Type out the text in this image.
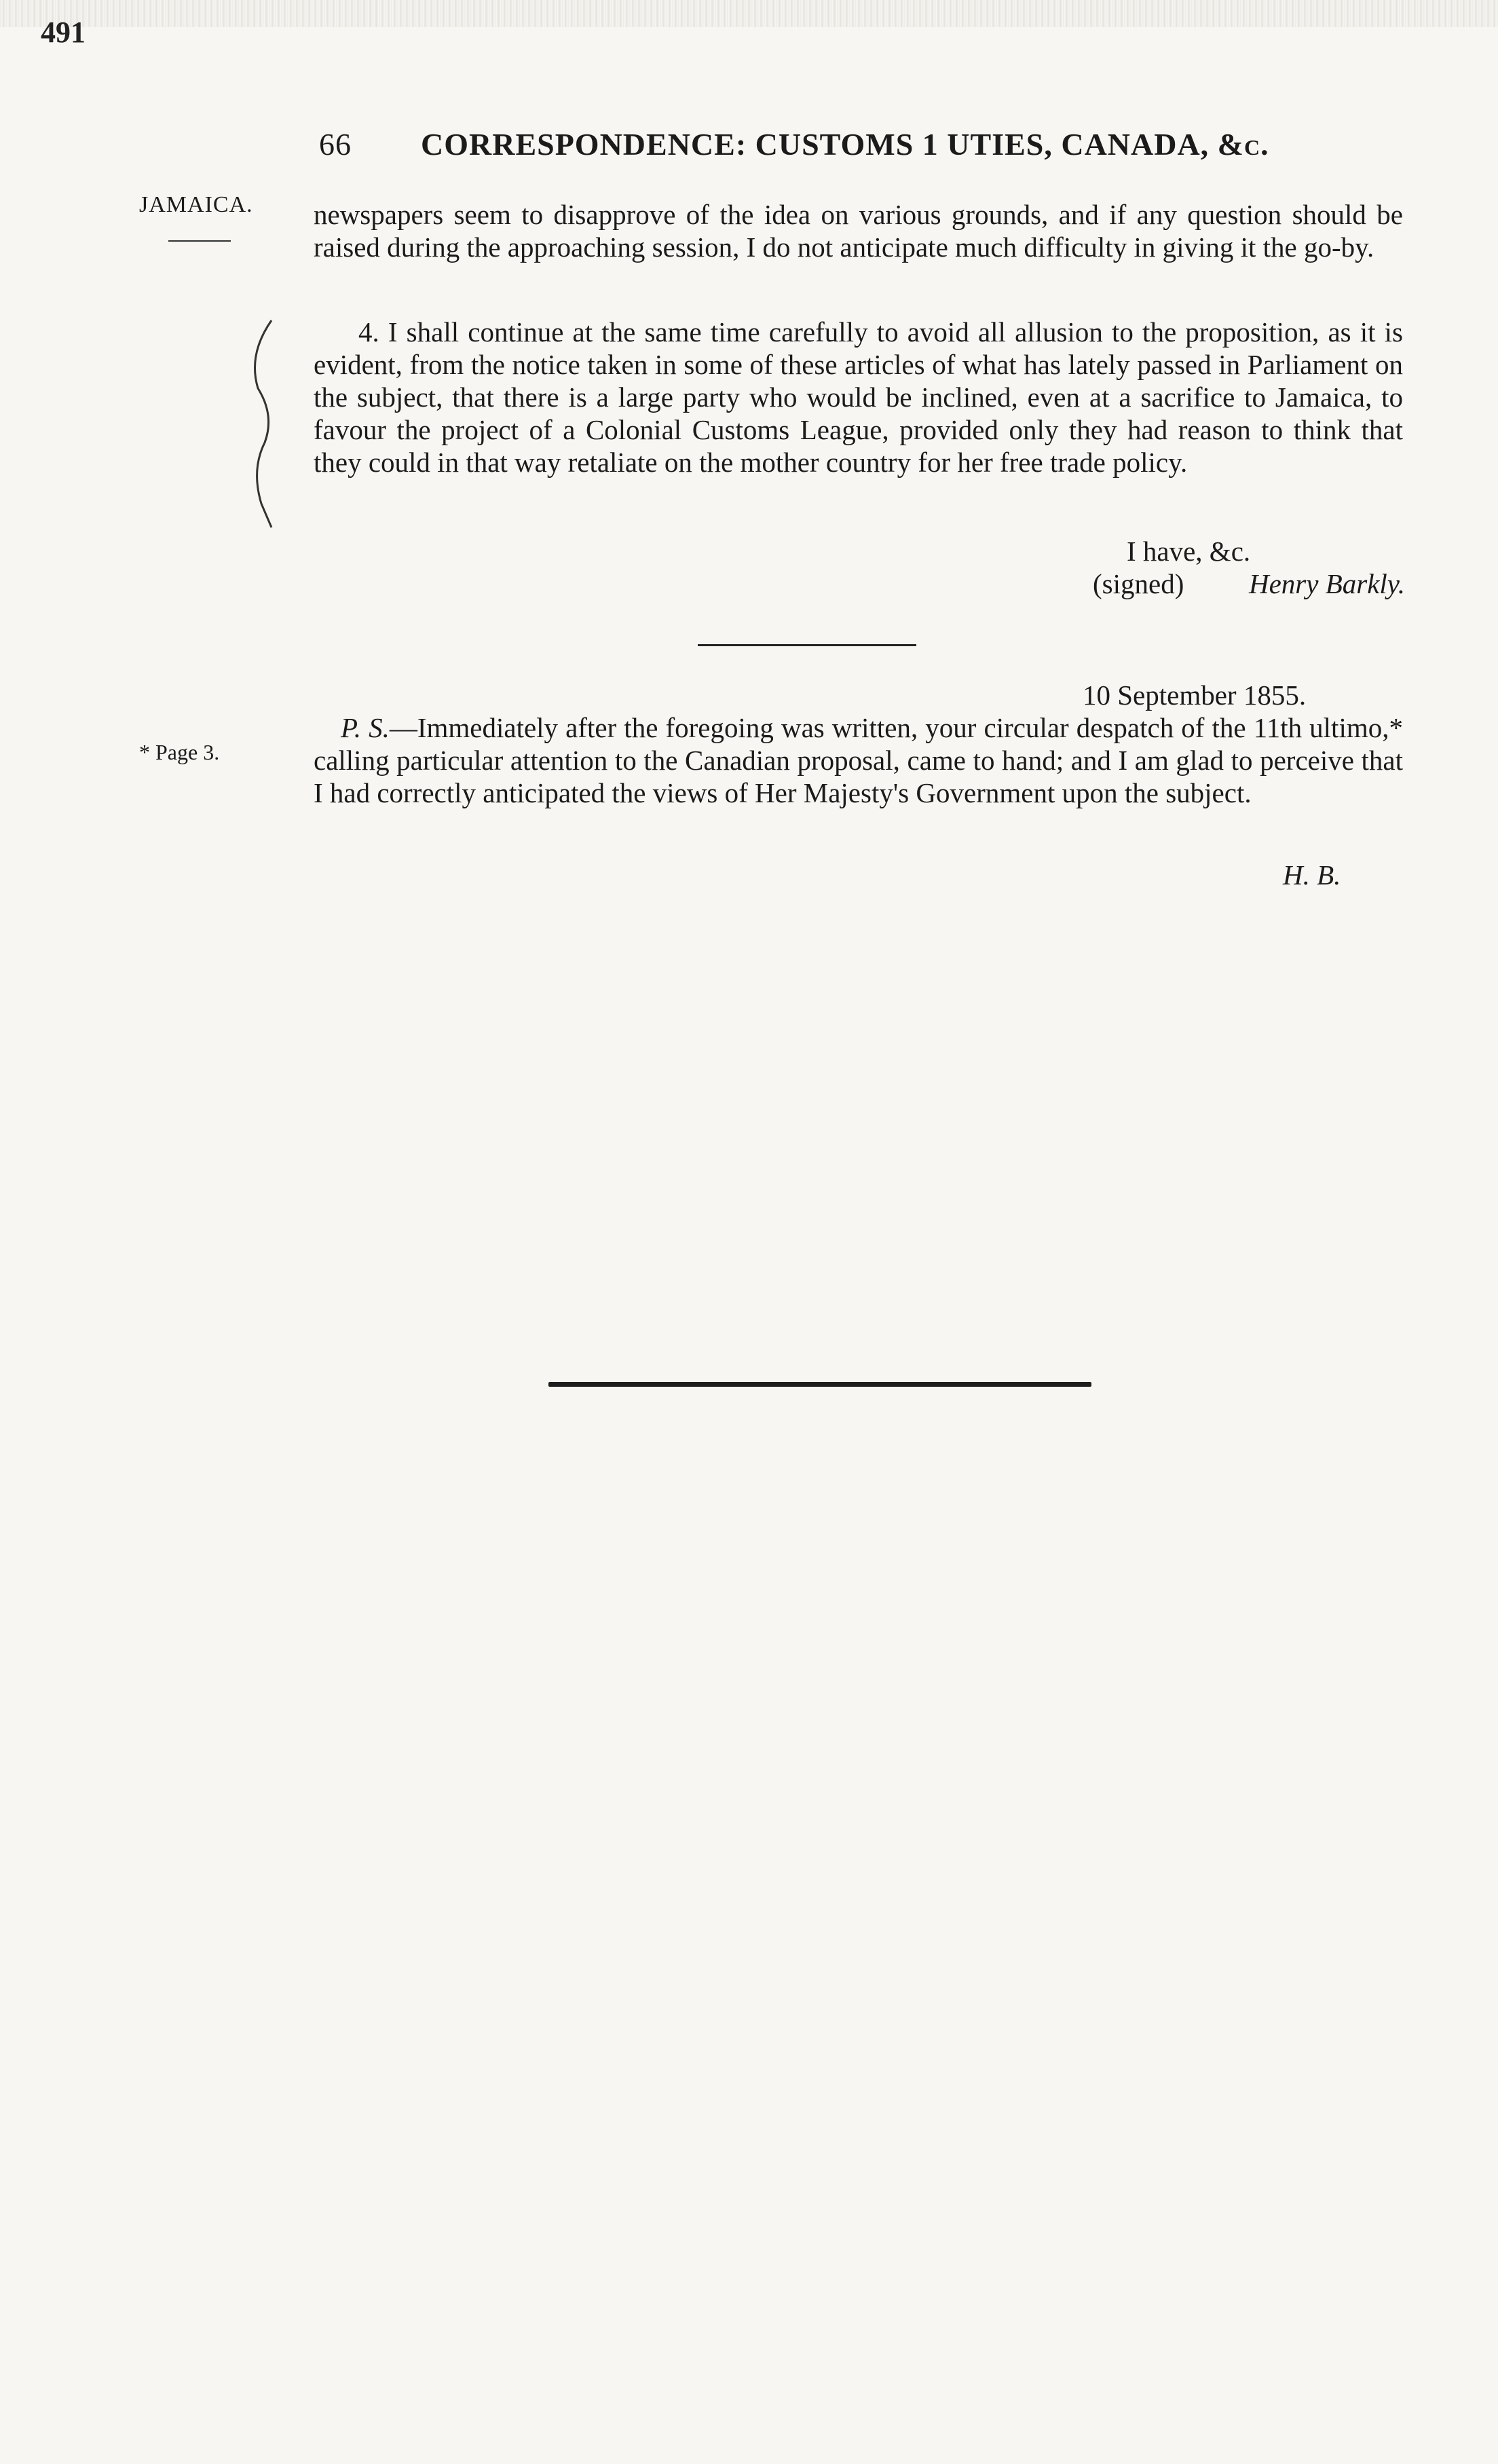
491
66 CORRESPONDENCE: CUSTOMS 1 UTIES, CANADA, &c.
JAMAICA. newspapers seem to disapprove of the idea on various grounds, and if any question should be raised during the approaching session, I do not anticipate much difficulty in giving it the go-by.
4. I shall continue at the same time carefully to avoid all allusion to the proposition, as it is evident, from the notice taken in some of these articles of what has lately passed in Parliament on the subject, that there is a large party who would be inclined, even at a sacrifice to Jamaica, to favour the project of a Colonial Customs League, provided only they had reason to think that they could in that way retaliate on the mother country for her free trade policy.
I have, &c.
(signed) Henry Barkly.
10 September 1855.
* Page 3.
P. S.—Immediately after the foregoing was written, your circular despatch of the 11th ultimo,* calling particular attention to the Canadian proposal, came to hand; and I am glad to perceive that I had correctly anticipated the views of Her Majesty's Government upon the subject.
H. B.
